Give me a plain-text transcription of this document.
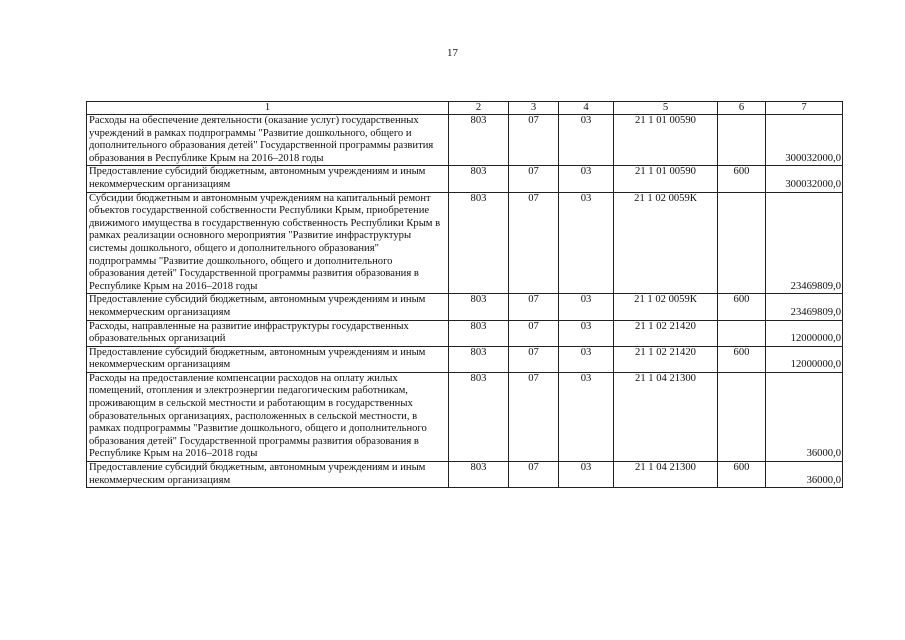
17
1	2	3	4	5	6	7
Расходы на обеспечение деятельности (оказание услуг) государственных учреждений в рамках подпрограммы "Развитие дошкольного, общего и дополнительного образования детей" Государственной программы развития образования в Республике Крым на 2016–2018 годы	803	07	03	21 1 01 00590		300032000,0
Предоставление субсидий бюджетным, автономным учреждениям и иным некоммерческим организациям	803	07	03	21 1 01 00590	600	300032000,0
Субсидии бюджетным и автономным учреждениям на капитальный ремонт объектов государственной собственности Республики Крым, приобретение движимого имущества в государственную собственность Республики Крым в рамках реализации основного мероприятия "Развитие инфраструктуры системы дошкольного, общего и дополнительного образования" подпрограммы "Развитие дошкольного, общего и дополнительного образования детей" Государственной программы развития образования в Республике Крым на 2016–2018 годы	803	07	03	21 1 02 0059К		23469809,0
Предоставление субсидий бюджетным, автономным учреждениям и иным некоммерческим организациям	803	07	03	21 1 02 0059К	600	23469809,0
Расходы, направленные на развитие инфраструктуры государственных образовательных организаций	803	07	03	21 1 02 21420		12000000,0
Предоставление субсидий бюджетным, автономным учреждениям и иным некоммерческим организациям	803	07	03	21 1 02 21420	600	12000000,0
Расходы на предоставление компенсации расходов на оплату жилых помещений, отопления и электроэнергии педагогическим работникам, проживающим в сельской местности и работающим в государственных образовательных организациях, расположенных в сельской местности, в рамках подпрограммы "Развитие дошкольного, общего и дополнительного образования детей" Государственной программы развития образования в Республике Крым на 2016–2018 годы	803	07	03	21 1 04 21300		36000,0
Предоставление субсидий бюджетным, автономным учреждениям и иным некоммерческим организациям	803	07	03	21 1 04 21300	600	36000,0
